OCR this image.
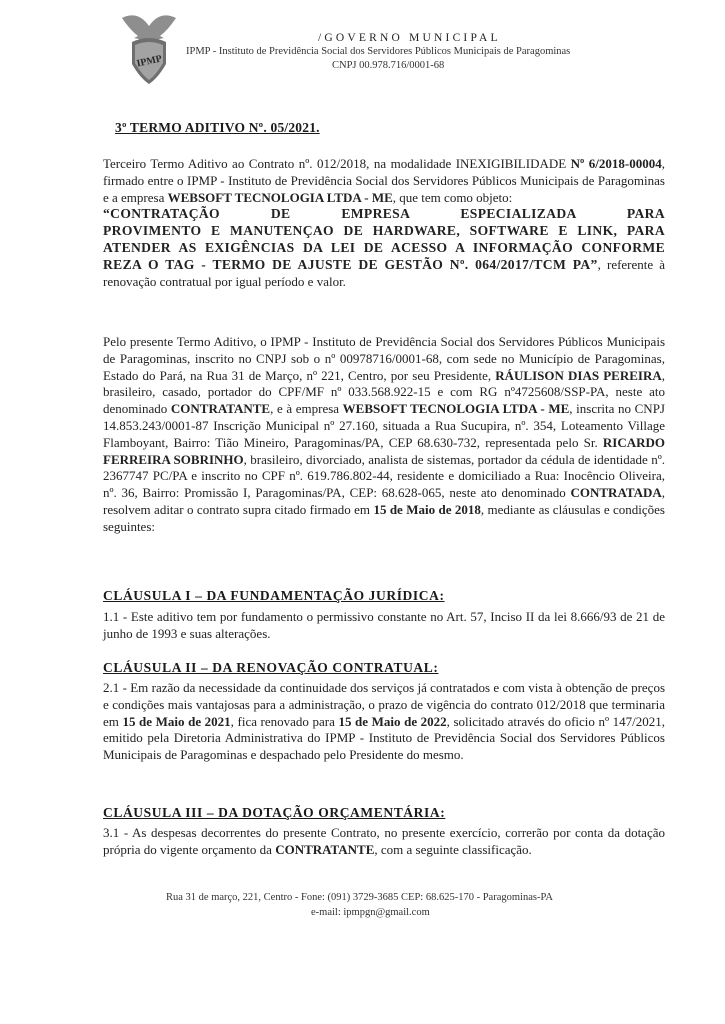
IPMP
/GOVERNO MUNICIPAL
IPMP - Instituto de Previdência Social dos Servidores Públicos Municipais de Paragominas
CNPJ 00.978.716/0001-68
3º TERMO ADITIVO Nº. 05/2021.
Terceiro Termo Aditivo ao Contrato nº. 012/2018, na modalidade INEXIGIBILIDADE Nº 6/2018-00004, firmado entre o IPMP - Instituto de Previdência Social dos Servidores Públicos Municipais de Paragominas e a empresa WEBSOFT TECNOLOGIA LTDA - ME, que tem como objeto:
“CONTRATAÇÃO DE EMPRESA ESPECIALIZADA PARA
PROVIMENTO E MANUTENÇAO DE HARDWARE, SOFTWARE E LINK, PARA
ATENDER AS EXIGÊNCIAS DA LEI DE ACESSO A INFORMAÇÃO CONFORME
REZA O TAG - TERMO DE AJUSTE DE GESTÃO Nº. 064/2017/TCM PA”, referente à renovação contratual por igual período e valor.
Pelo presente Termo Aditivo, o IPMP - Instituto de Previdência Social dos Servidores Públicos Municipais de Paragominas, inscrito no CNPJ sob o nº 00978716/0001-68, com sede no Município de Paragominas, Estado do Pará, na Rua 31 de Março, nº 221, Centro, por seu Presidente, RÁULISON DIAS PEREIRA, brasileiro, casado, portador do CPF/MF nº 033.568.922-15 e com RG nº4725608/SSP-PA, neste ato denominado CONTRATANTE, e à empresa WEBSOFT TECNOLOGIA LTDA - ME, inscrita no CNPJ 14.853.243/0001-87 Inscrição Municipal nº 27.160, situada a Rua Sucupira, nº. 354, Loteamento Village Flamboyant, Bairro: Tião Mineiro, Paragominas/PA, CEP 68.630-732, representada pelo Sr. RICARDO FERREIRA SOBRINHO, brasileiro, divorciado, analista de sistemas, portador da cédula de identidade nº. 2367747 PC/PA e inscrito no CPF nº. 619.786.802-44, residente e domiciliado a Rua: Inocêncio Oliveira, nº. 36, Bairro: Promissão I, Paragominas/PA, CEP: 68.628-065, neste ato denominado CONTRATADA, resolvem aditar o contrato supra citado firmado em 15 de Maio de 2018, mediante as cláusulas e condições seguintes:
CLÁUSULA I – DA FUNDAMENTAÇÃO JURÍDICA:
1.1 - Este aditivo tem por fundamento o permissivo constante no Art. 57, Inciso II da lei 8.666/93 de 21 de junho de 1993 e suas alterações.
CLÁUSULA II – DA RENOVAÇÃO CONTRATUAL:
2.1 - Em razão da necessidade da continuidade dos serviços já contratados e com vista à obtenção de preços e condições mais vantajosas para a administração, o prazo de vigência do contrato 012/2018 que terminaria em 15 de Maio de 2021, fica renovado para 15 de Maio de 2022, solicitado através do oficio nº 147/2021, emitido pela Diretoria Administrativa do IPMP - Instituto de Previdência Social dos Servidores Públicos Municipais de Paragominas e despachado pelo Presidente do mesmo.
CLÁUSULA III – DA DOTAÇÃO ORÇAMENTÁRIA:
3.1 - As despesas decorrentes do presente Contrato, no presente exercício, correrão por conta da dotação própria do vigente orçamento da CONTRATANTE, com a seguinte classificação.
Rua 31 de março, 221, Centro - Fone: (091) 3729-3685 CEP: 68.625-170 - Paragominas-PA
e-mail: ipmpgn@gmail.com
